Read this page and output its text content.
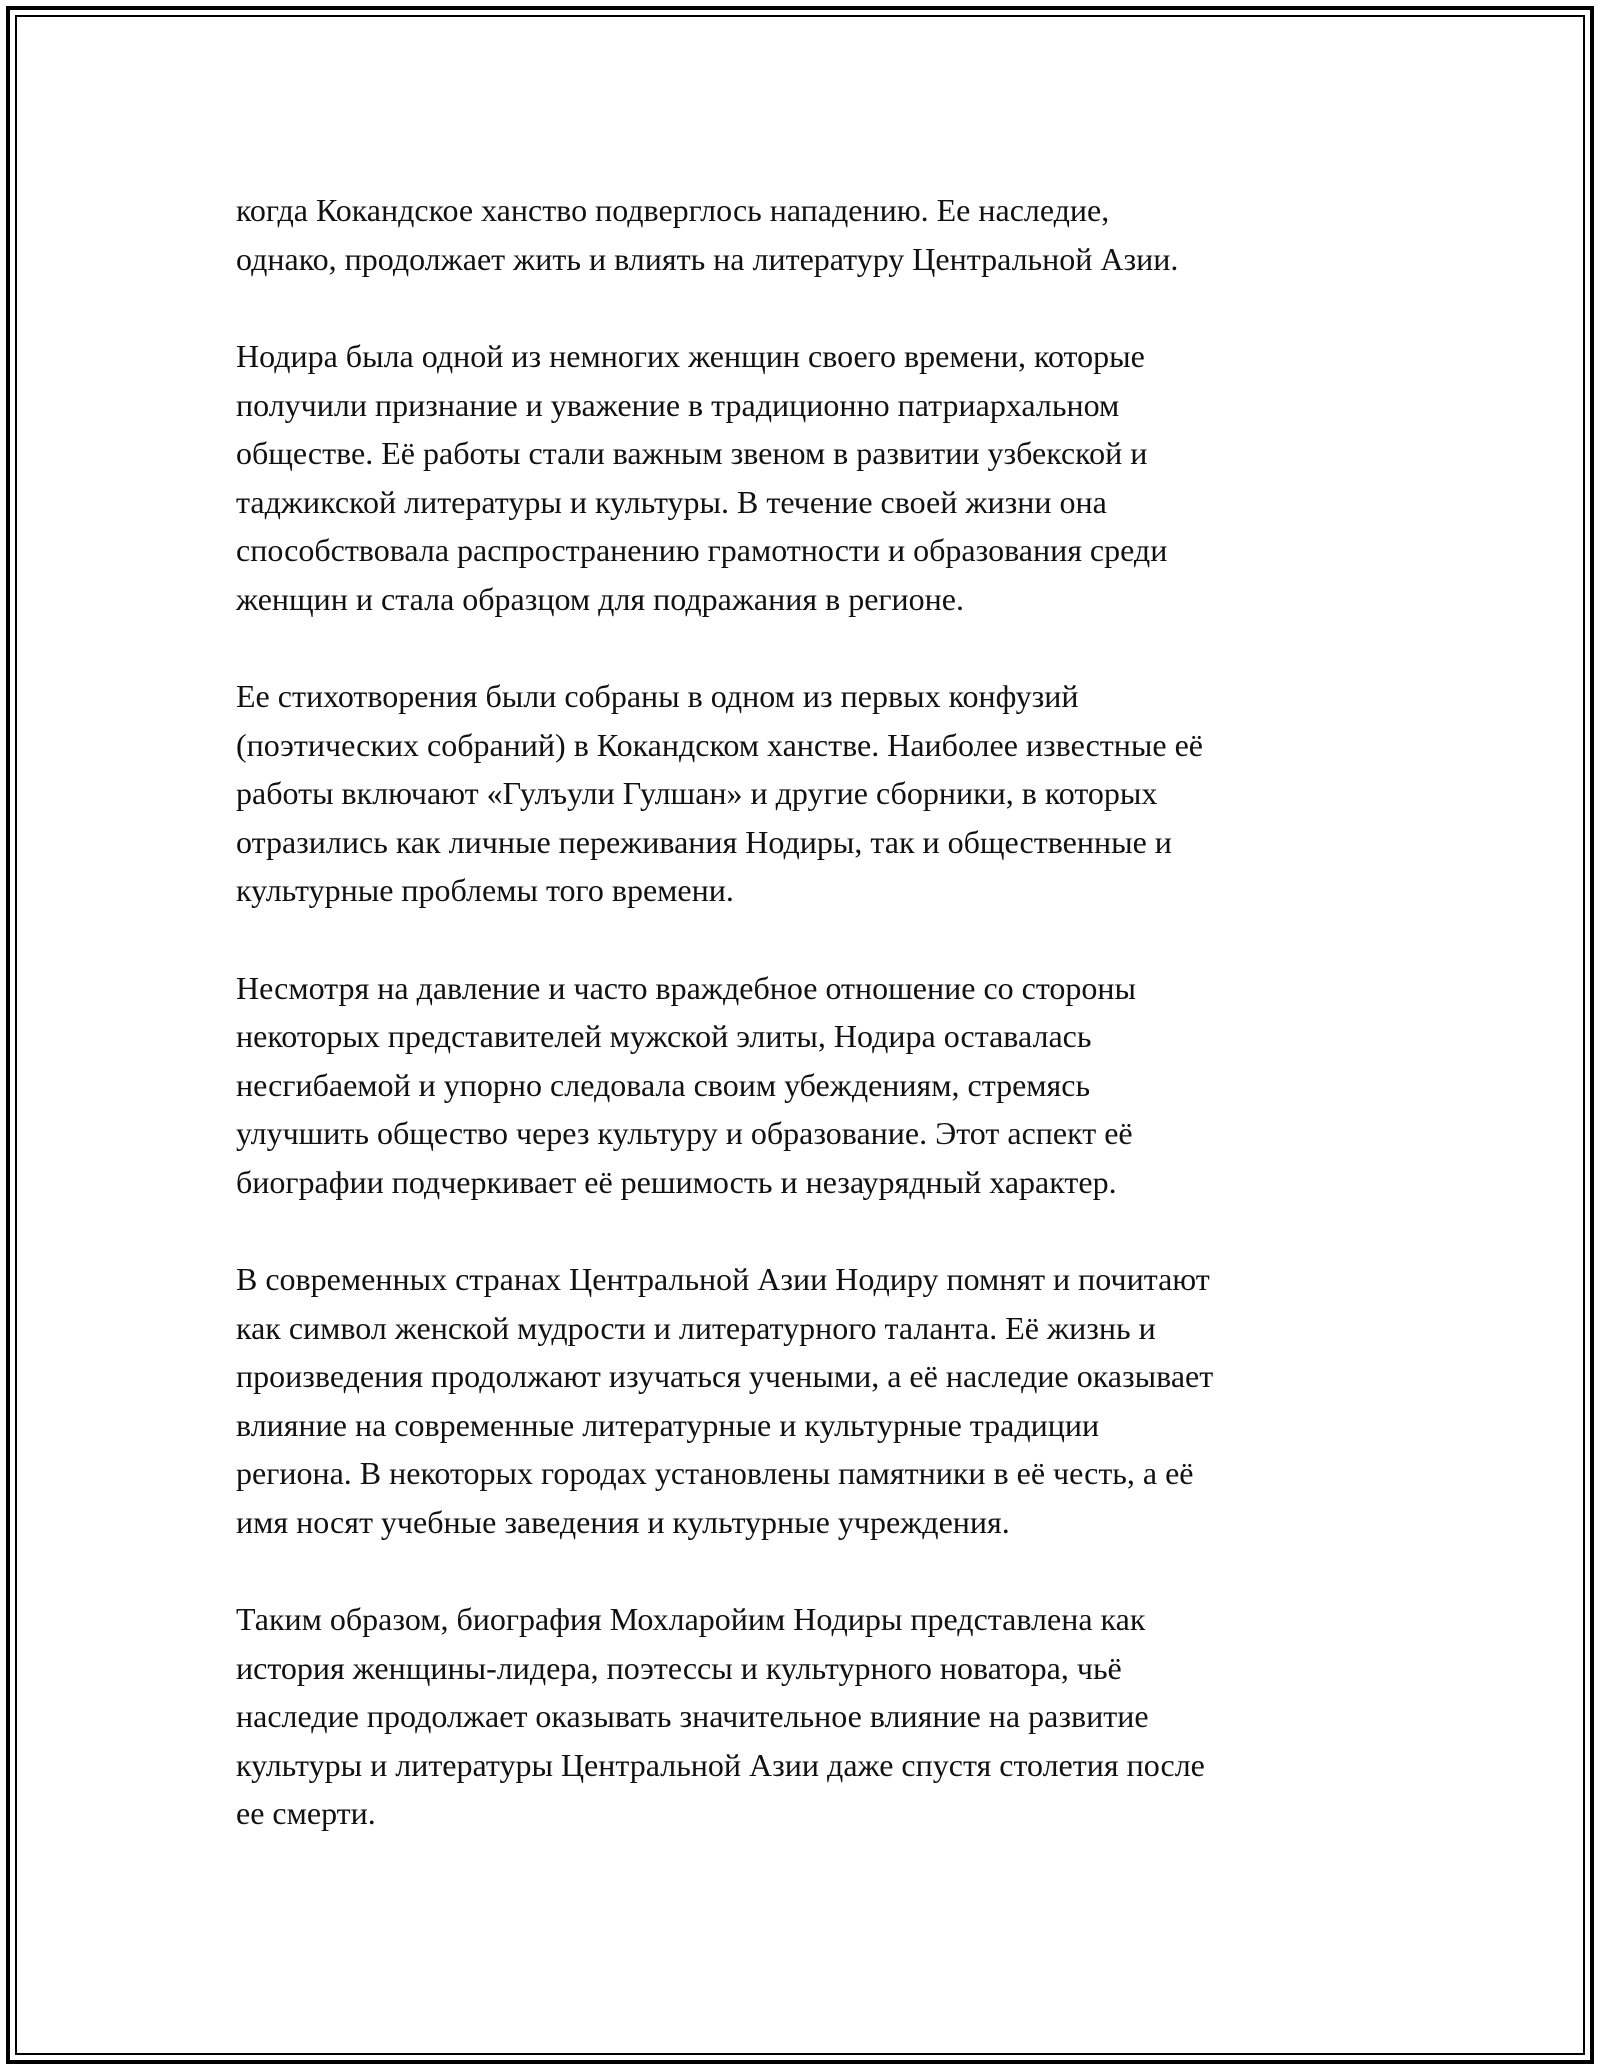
когда Кокандское ханство подверглось нападению. Ее наследие,
однако, продолжает жить и влиять на литературу Центральной Азии.

Нодира была одной из немногих женщин своего времени, которые
получили признание и уважение в традиционно патриархальном
обществе. Её работы стали важным звеном в развитии узбекской и
таджикской литературы и культуры. В течение своей жизни она
способствовала распространению грамотности и образования среди
женщин и стала образцом для подражания в регионе.

Ее стихотворения были собраны в одном из первых конфузий
(поэтических собраний) в Кокандском ханстве. Наиболее известные её
работы включают «Гулъули Гулшан» и другие сборники, в которых
отразились как личные переживания Нодиры, так и общественные и
культурные проблемы того времени.

Несмотря на давление и часто враждебное отношение со стороны
некоторых представителей мужской элиты, Нодира оставалась
несгибаемой и упорно следовала своим убеждениям, стремясь
улучшить общество через культуру и образование. Этот аспект её
биографии подчеркивает её решимость и незаурядный характер.

В современных странах Центральной Азии Нодиру помнят и почитают
как символ женской мудрости и литературного таланта. Её жизнь и
произведения продолжают изучаться учеными, а её наследие оказывает
влияние на современные литературные и культурные традиции
региона. В некоторых городах установлены памятники в её честь, а её
имя носят учебные заведения и культурные учреждения.

Таким образом, биография Мохларойим Нодиры представлена как
история женщины-лидера, поэтессы и культурного новатора, чьё
наследие продолжает оказывать значительное влияние на развитие
культуры и литературы Центральной Азии даже спустя столетия после
ее смерти.
